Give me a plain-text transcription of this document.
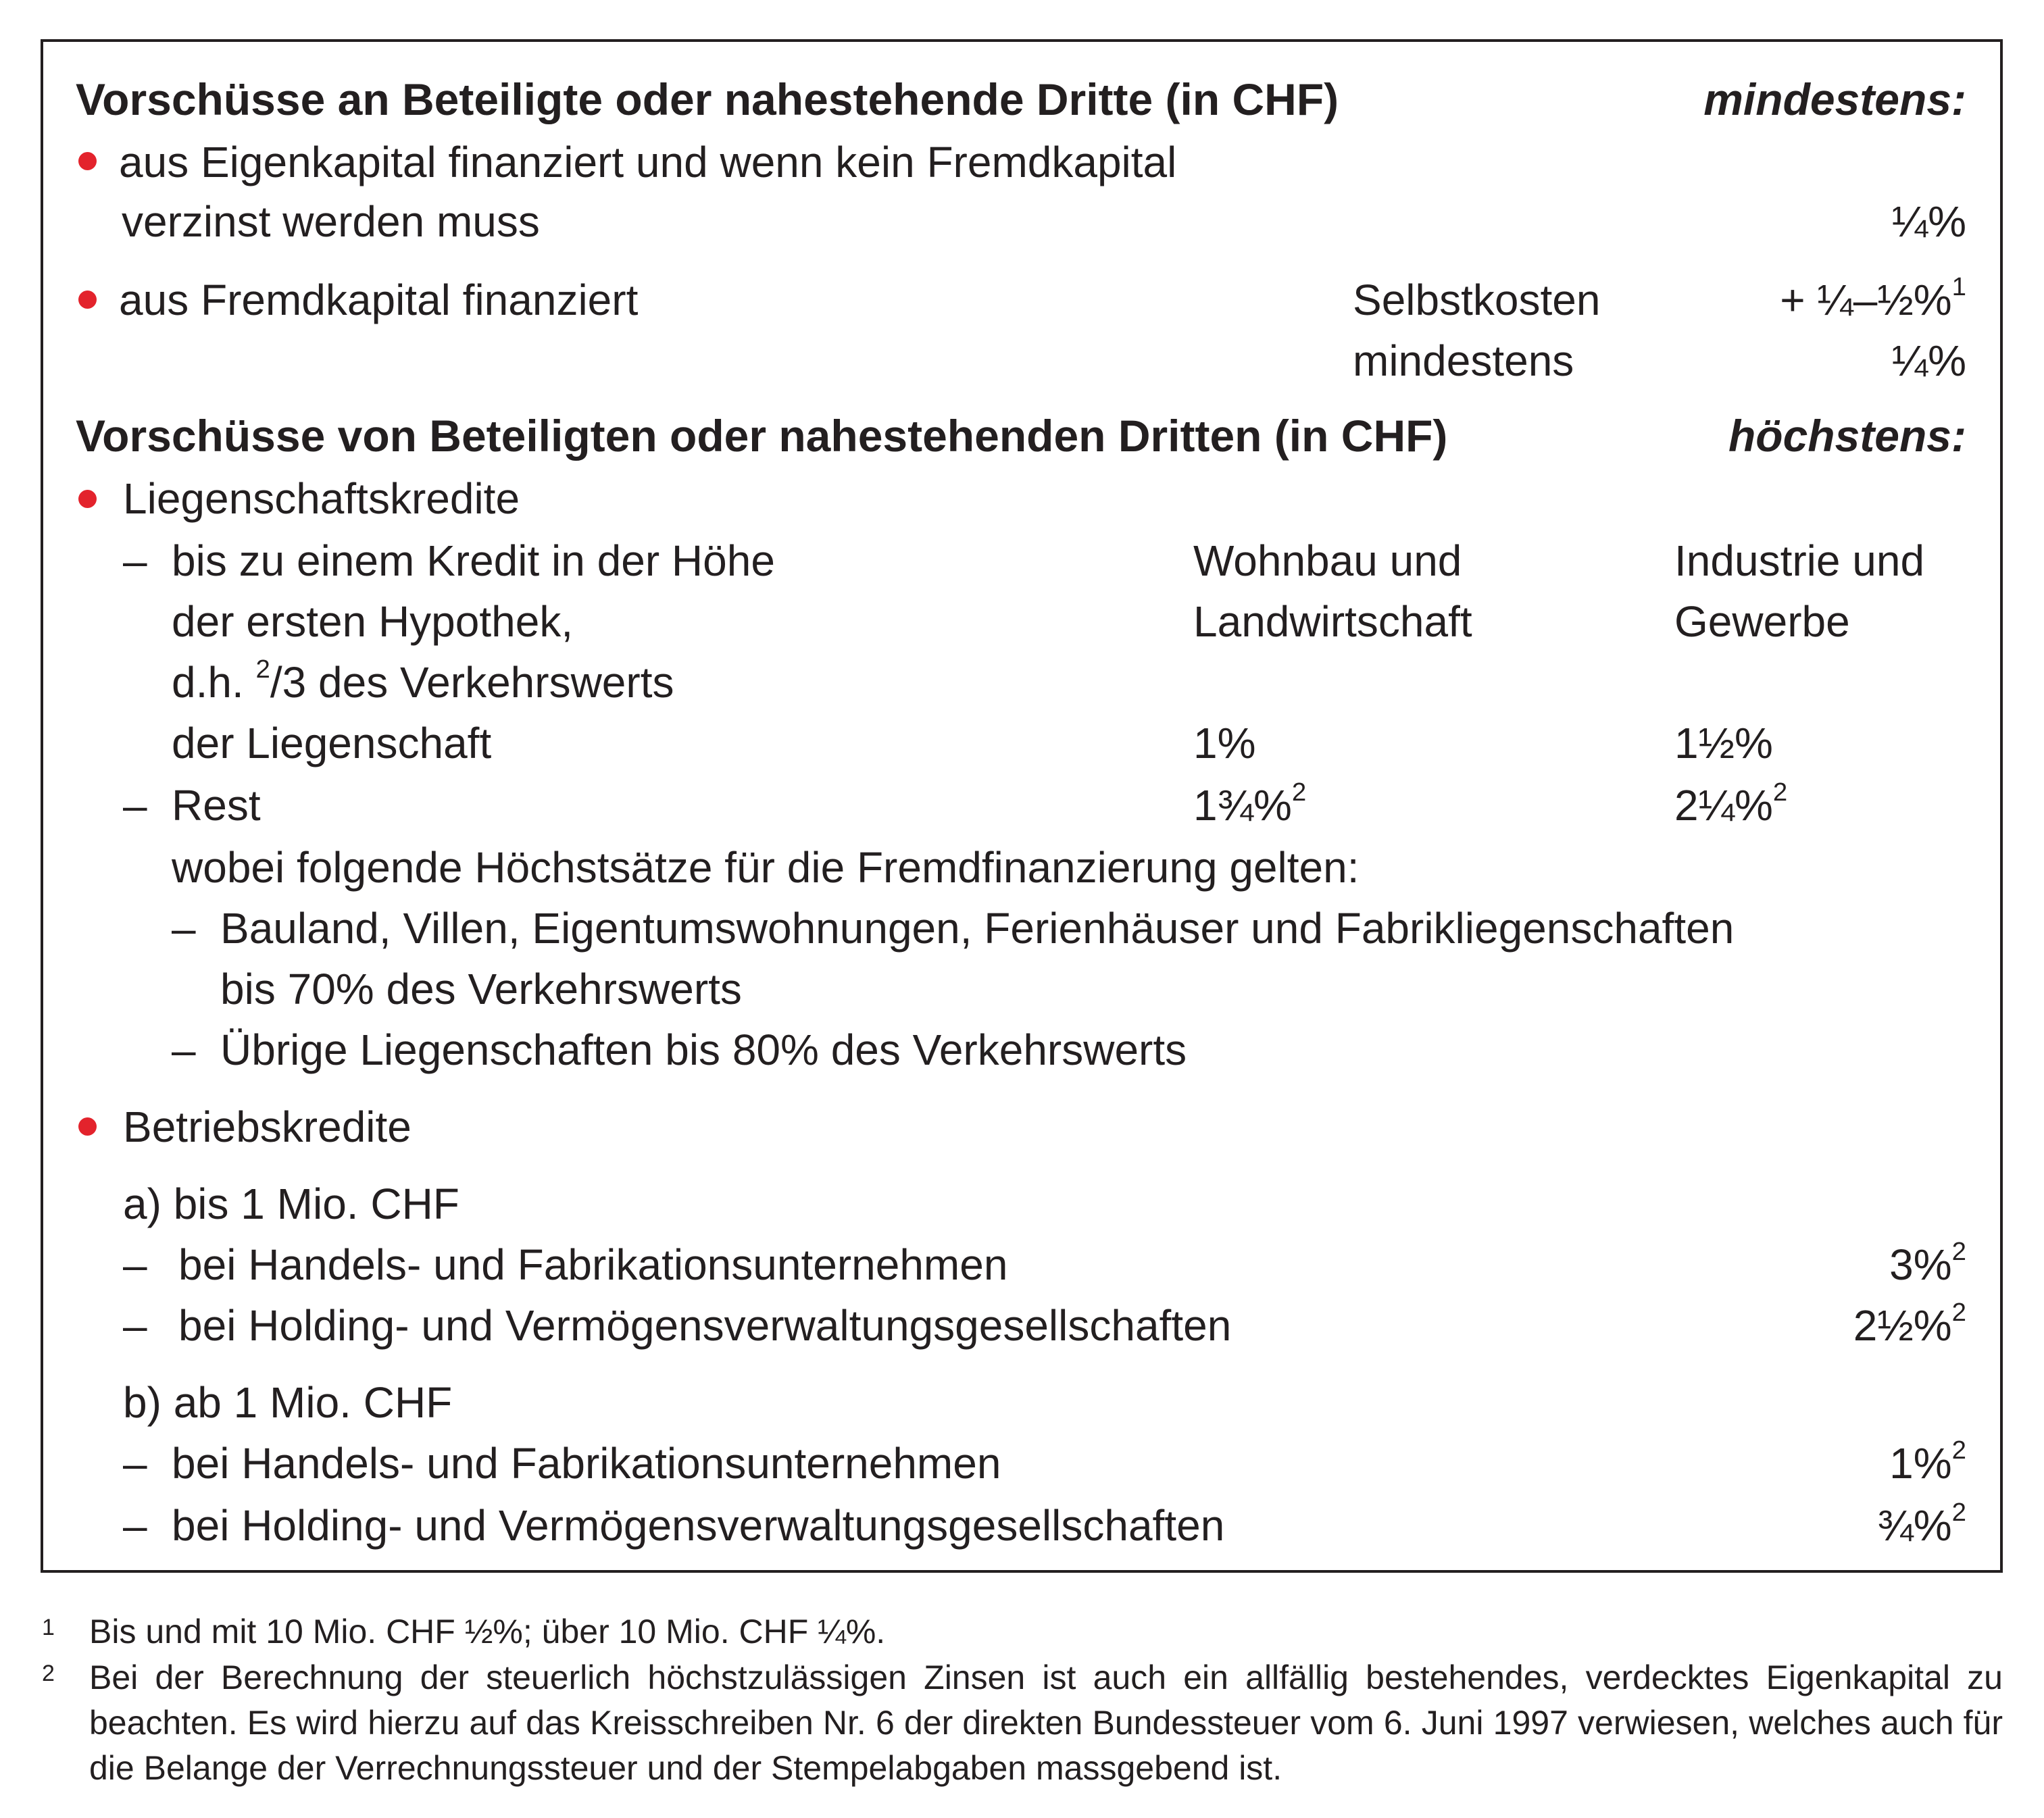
Vorschüsse an Beteiligte oder nahestehende Dritte (in CHF)	mindestens:
aus Eigenkapital finanziert und wenn kein Fremdkapital
verzinst werden muss	¼%
aus Fremdkapital finanziert	Selbstkosten	+ ¼–½%$^1$
mindestens	¼%
Vorschüsse von Beteiligten oder nahestehenden Dritten (in CHF)	höchstens:
Liegenschaftskredite
– bis zu einem Kredit in der Höhe	Wohnbau und	Industrie und
der ersten Hypothek,	Landwirtschaft	Gewerbe
d.h. $^2$/3 des Verkehrswerts
der Liegenschaft	1%	1½%
– Rest	1¾%$^2$	2¼%$^2$
wobei folgende Höchstsätze für die Fremdfinanzierung gelten:
– Bauland, Villen, Eigentumswohnungen, Ferienhäuser und Fabrikliegenschaften
bis 70% des Verkehrswerts
– Übrige Liegenschaften bis 80% des Verkehrswerts
Betriebskredite
a) bis 1 Mio. CHF
– bei Handels- und Fabrikationsunternehmen	3%$^2$
– bei Holding- und Vermögensverwaltungsgesellschaften	2½%$^2$
b) ab 1 Mio. CHF
– bei Handels- und Fabrikationsunternehmen	1%$^2$
– bei Holding- und Vermögensverwaltungsgesellschaften	¾%$^2$
1 Bis und mit 10 Mio. CHF ½%; über 10 Mio. CHF ¼%.
2 Bei der Berechnung der steuerlich höchstzulässigen Zinsen ist auch ein allfällig bestehendes, verdecktes Eigenkapital zu beachten. Es wird hierzu auf das Kreisschreiben Nr. 6 der direkten Bundessteuer vom 6. Juni 1997 verwiesen, welches auch für die Belange der Verrechnungssteuer und der Stempelabgaben massgebend ist.
